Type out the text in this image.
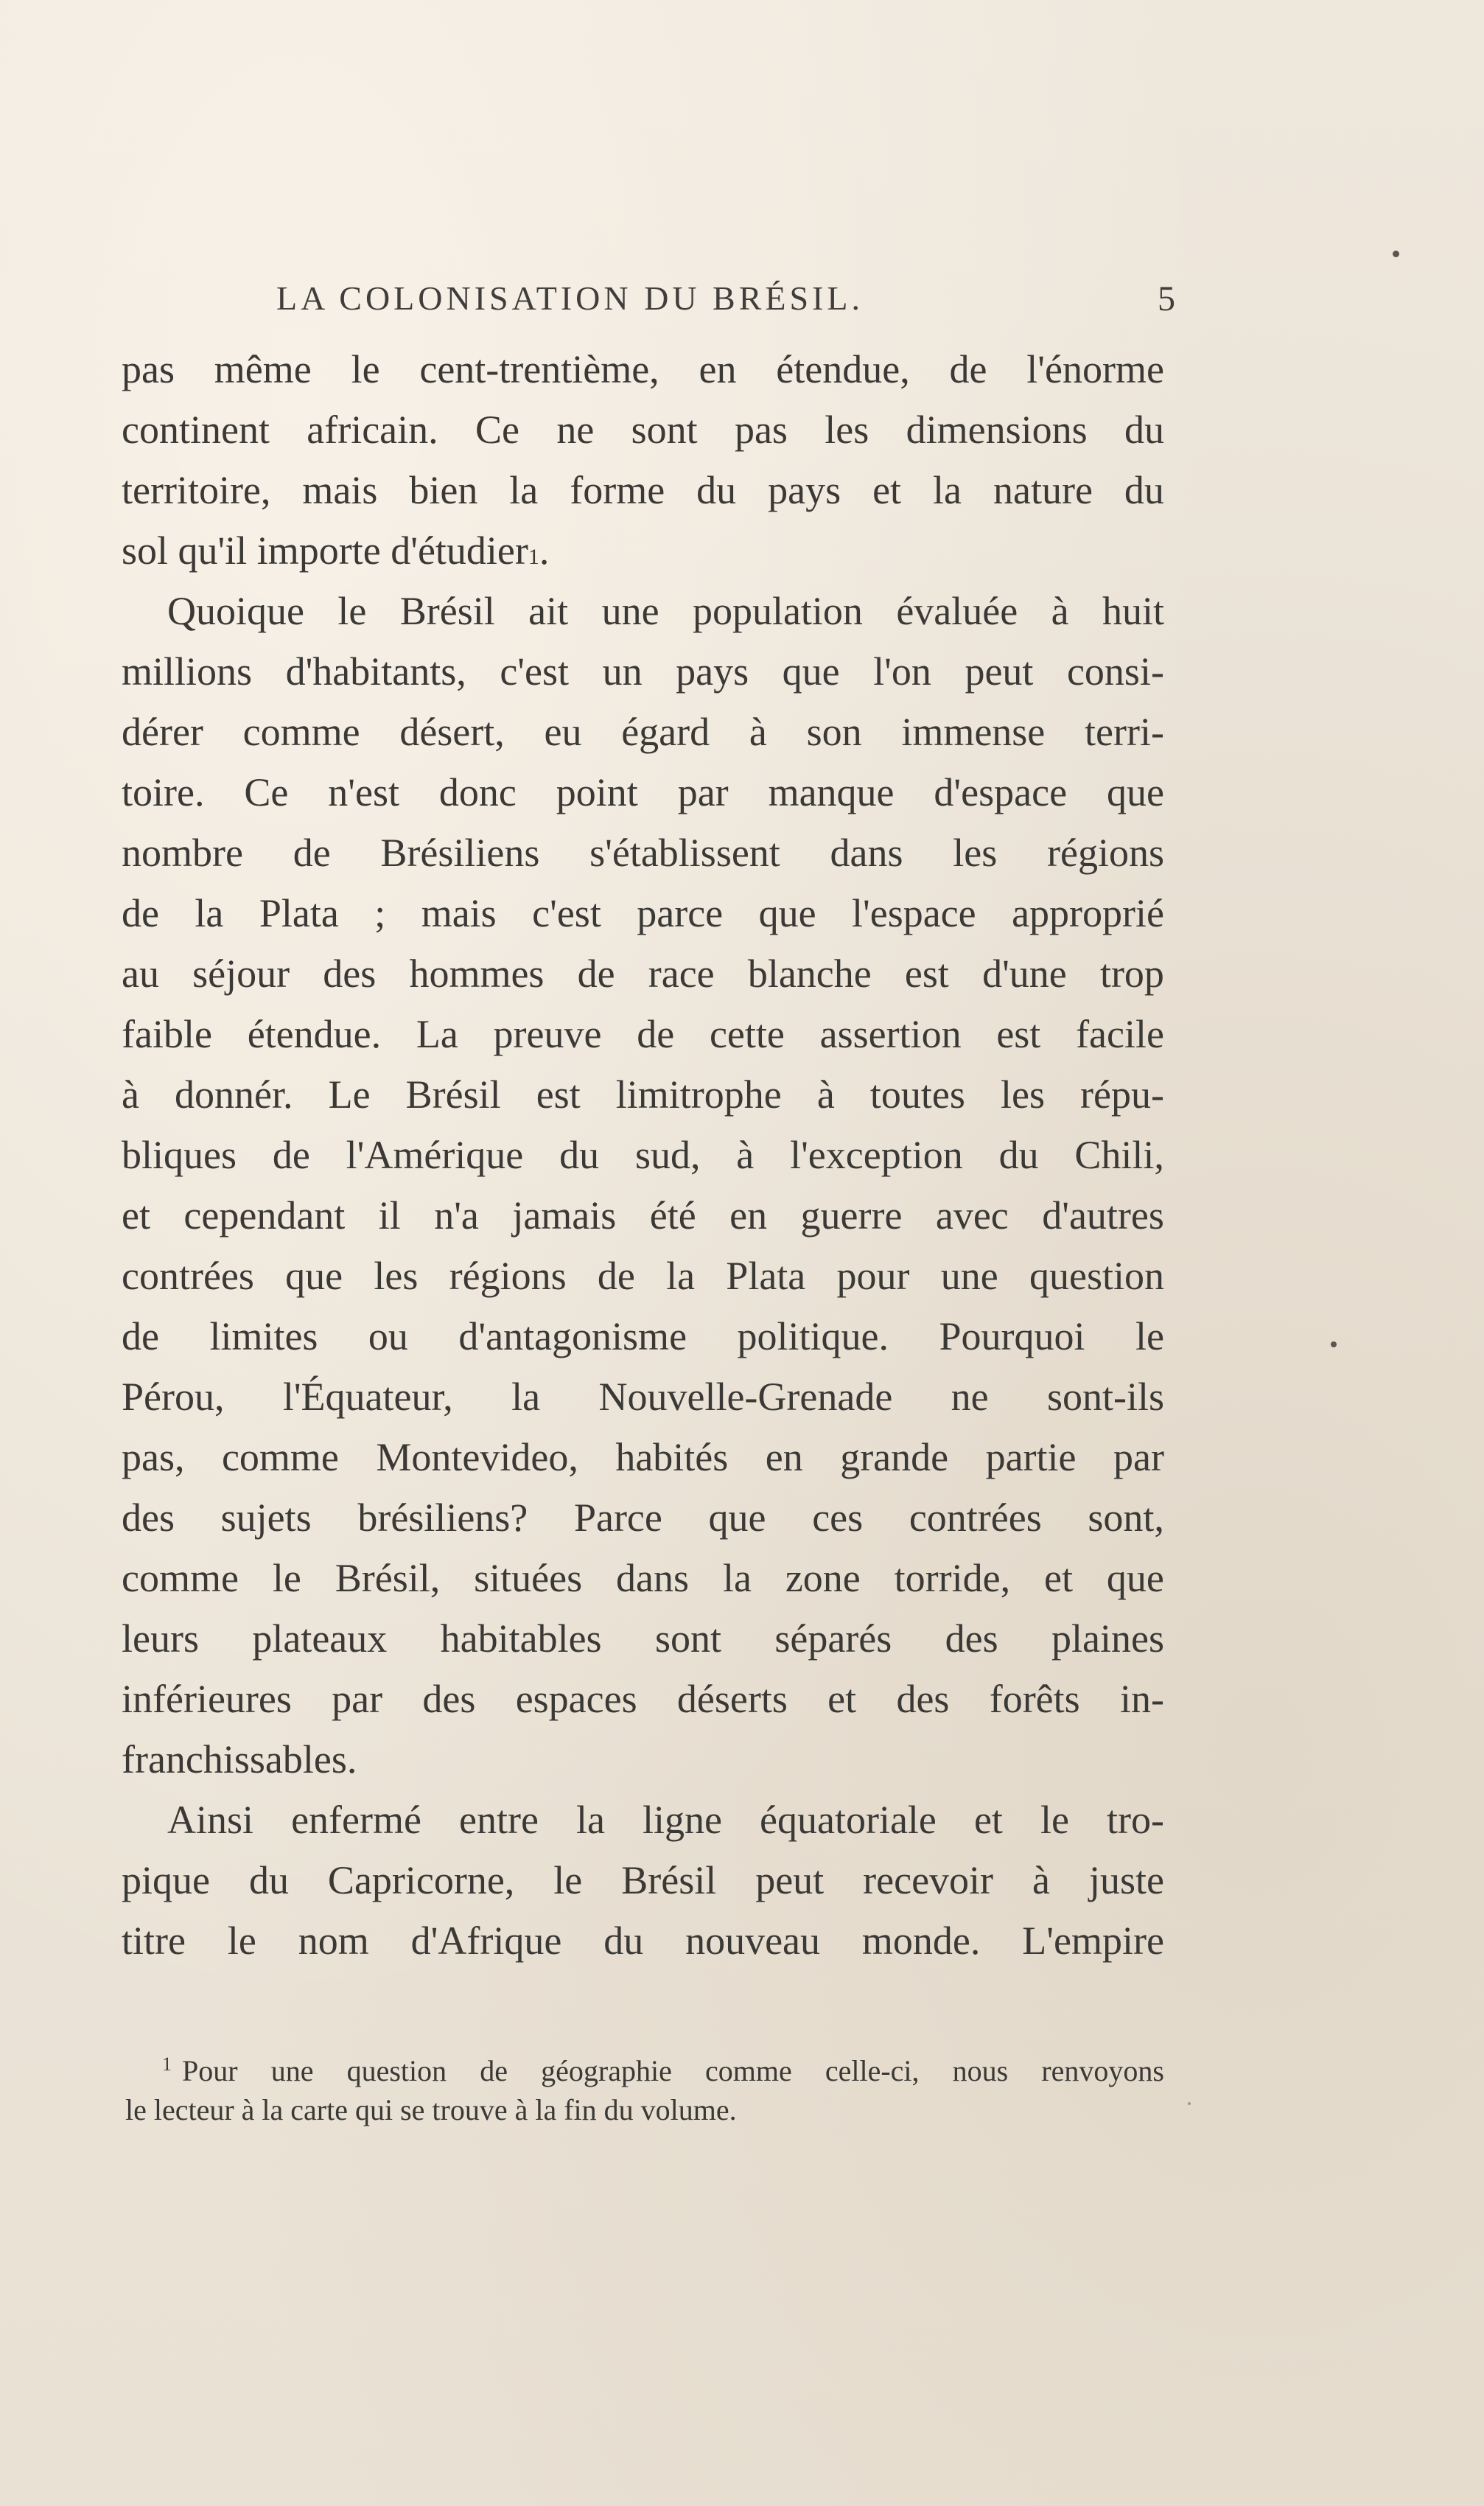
LA COLONISATION DU BRÉSIL.	5
pas même le cent-trentième, en étendue, de l'énorme
continent africain. Ce ne sont pas les dimensions du
territoire, mais bien la forme du pays et la nature du
sol qu'il importe d'étudier 1 .
Quoique le Brésil ait une population évaluée à huit
millions d'habitants, c'est un pays que l'on peut consi-
dérer comme désert, eu égard à son immense terri-
toire. Ce n'est donc point par manque d'espace que
nombre de Brésiliens s'établissent dans les régions
de la Plata ; mais c'est parce que l'espace approprié
au séjour des hommes de race blanche est d'une trop
faible étendue. La preuve de cette assertion est facile
à donnér. Le Brésil est limitrophe à toutes les répu-
bliques de l'Amérique du sud, à l'exception du Chili,
et cependant il n'a jamais été en guerre avec d'autres
contrées que les régions de la Plata pour une question
de limites ou d'antagonisme politique. Pourquoi le
Pérou, l'Équateur, la Nouvelle-Grenade ne sont-ils
pas, comme Montevideo, habités en grande partie par
des sujets brésiliens? Parce que ces contrées sont,
comme le Brésil, situées dans la zone torride, et que
leurs plateaux habitables sont séparés des plaines
inférieures par des espaces déserts et des forêts in-
franchissables.
Ainsi enfermé entre la ligne équatoriale et le tro-
pique du Capricorne, le Brésil peut recevoir à juste
titre le nom d'Afrique du nouveau monde. L'empire
$^1$ Pour une question de géographie comme celle-ci, nous renvoyons
le lecteur à la carte qui se trouve à la fin du volume.
